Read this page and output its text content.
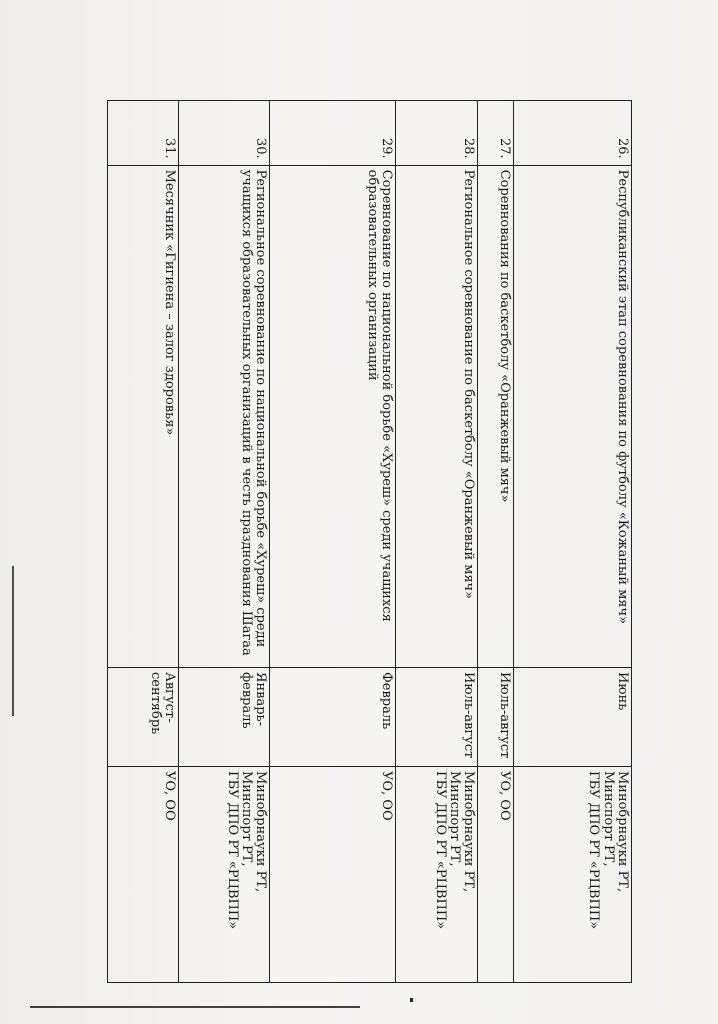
26.	Республиканский этап соревнования по футболу «Кожаный мяч»	Июнь	Минобрнауки РТ,
Минспорт РТ,
ГБУ ДПО РТ «РЦВПП»

27.	Соревнования по баскетболу «Оранжевый мяч»	Июль-август	УО, ОО

28.	Региональное соревнование по баскетболу «Оранжевый мяч»	Июль-август	Минобрнауки РТ,
Минспорт РТ,
ГБУ ДПО РТ «РЦВПП»

29.	Соревнование по национальной борьбе «Хуреш» среди учащихся образовательных организаций	Февраль	УО, ОО

30.	Региональное соревнование по национальной борьбе «Хуреш» среди учащихся образовательных организаций в честь празднования Шагаа	Январь-февраль	Минобрнауки РТ,
Минспорт РТ,
ГБУ ДПО РТ «РЦВПП»

31.	Месячник «Гигиена – залог здоровья»	Август-сентябрь	УО, ОО
